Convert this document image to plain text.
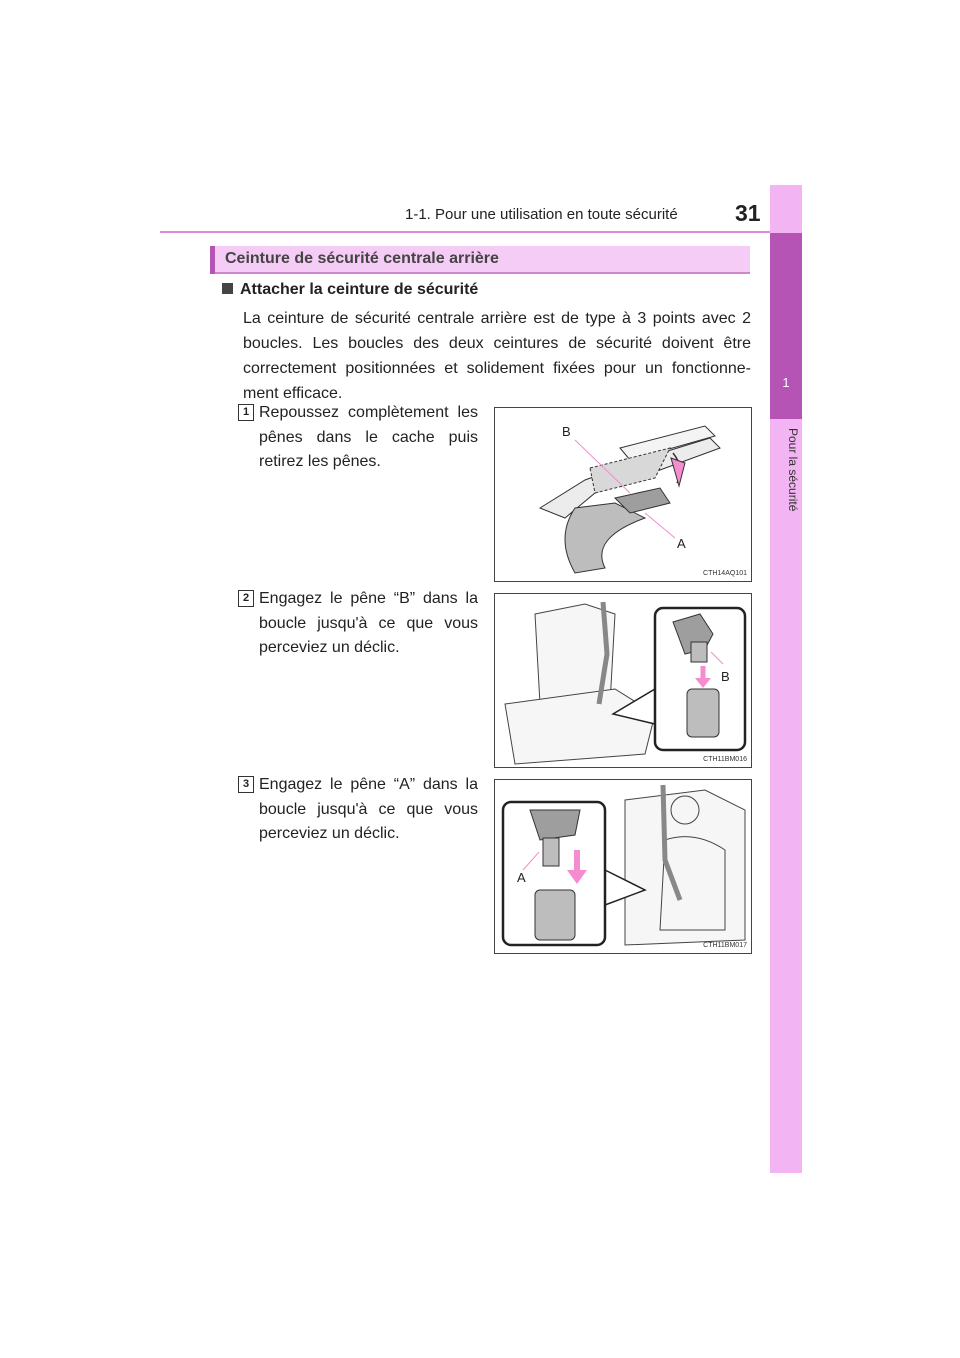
1-1. Pour une utilisation en toute sécurité 31
1
Pour la sécurité
Ceinture de sécurité centrale arrière
Attacher la ceinture de sécurité
La ceinture de sécurité centrale arrière est de type à 3 points avec 2 boucles. Les boucles des deux ceintures de sécurité doivent être correctement positionnées et solidement fixées pour un fonctionne-ment efficace.
1 Repoussez complètement les pênes dans le cache puis retirez les pênes.
B
A
CTH14AQ101
2 Engagez le pêne “B” dans la boucle jusqu'à ce que vous perceviez un déclic.
B
CTH11BM016
3 Engagez le pêne “A” dans la boucle jusqu'à ce que vous perceviez un déclic.
A
CTH11BM017
